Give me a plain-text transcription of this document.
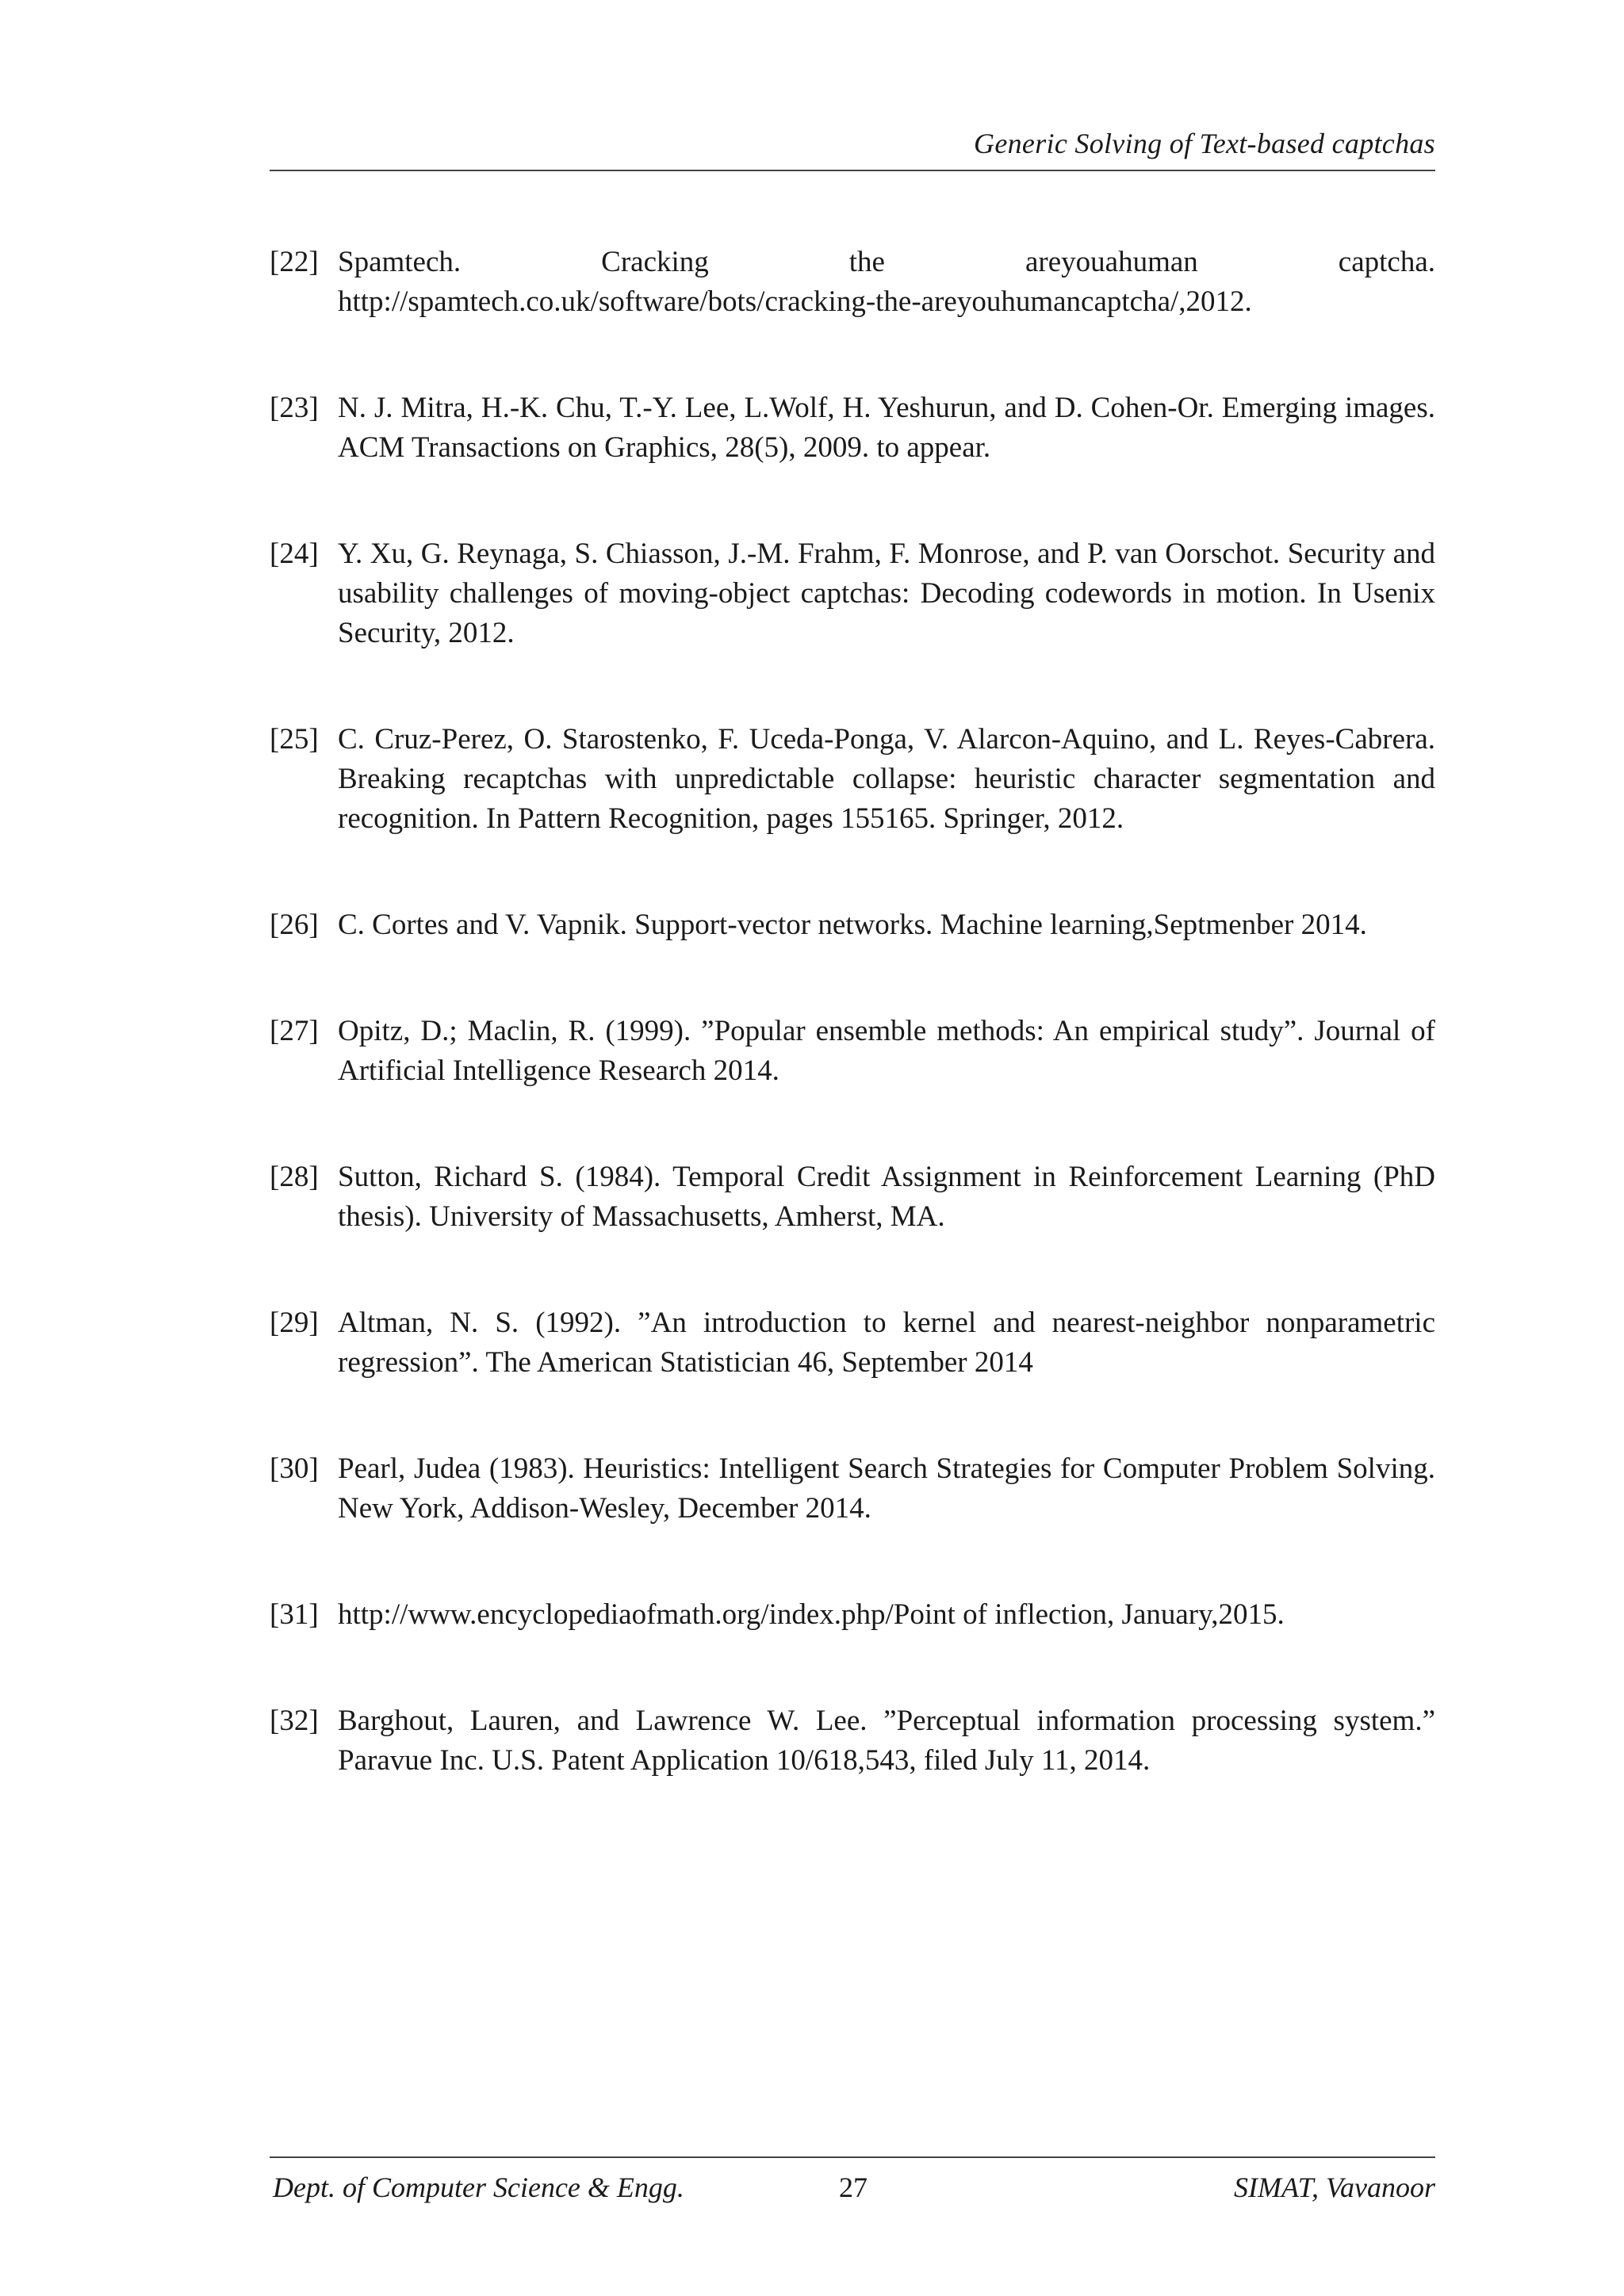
Generic Solving of Text-based captchas
[22] Spamtech. Cracking the areyouahuman captcha. http://spamtech.co.uk/software/bots/cracking-the-areyouhumancaptcha/,2012.
[23] N. J. Mitra, H.-K. Chu, T.-Y. Lee, L.Wolf, H. Yeshurun, and D. Cohen-Or. Emerging images. ACM Transactions on Graphics, 28(5), 2009. to appear.
[24] Y. Xu, G. Reynaga, S. Chiasson, J.-M. Frahm, F. Monrose, and P. van Oorschot. Security and usability challenges of moving-object captchas: Decoding codewords in motion. In Usenix Security, 2012.
[25] C. Cruz-Perez, O. Starostenko, F. Uceda-Ponga, V. Alarcon-Aquino, and L. Reyes-Cabrera. Breaking recaptchas with unpredictable collapse: heuristic character segmentation and recognition. In Pattern Recognition, pages 155165. Springer, 2012.
[26] C. Cortes and V. Vapnik. Support-vector networks. Machine learning,Septmenber 2014.
[27] Opitz, D.; Maclin, R. (1999). ”Popular ensemble methods: An empirical study”. Journal of Artificial Intelligence Research 2014.
[28] Sutton, Richard S. (1984). Temporal Credit Assignment in Reinforcement Learning (PhD thesis). University of Massachusetts, Amherst, MA.
[29] Altman, N. S. (1992). ”An introduction to kernel and nearest-neighbor nonparametric regression”. The American Statistician 46, September 2014
[30] Pearl, Judea (1983). Heuristics: Intelligent Search Strategies for Computer Problem Solving. New York, Addison-Wesley, December 2014.
[31] http://www.encyclopediaofmath.org/index.php/Point of inflection, January,2015.
[32] Barghout, Lauren, and Lawrence W. Lee. ”Perceptual information processing system.” Paravue Inc. U.S. Patent Application 10/618,543, filed July 11, 2014.
Dept. of Computer Science & Engg.	27	SIMAT, Vavanoor
